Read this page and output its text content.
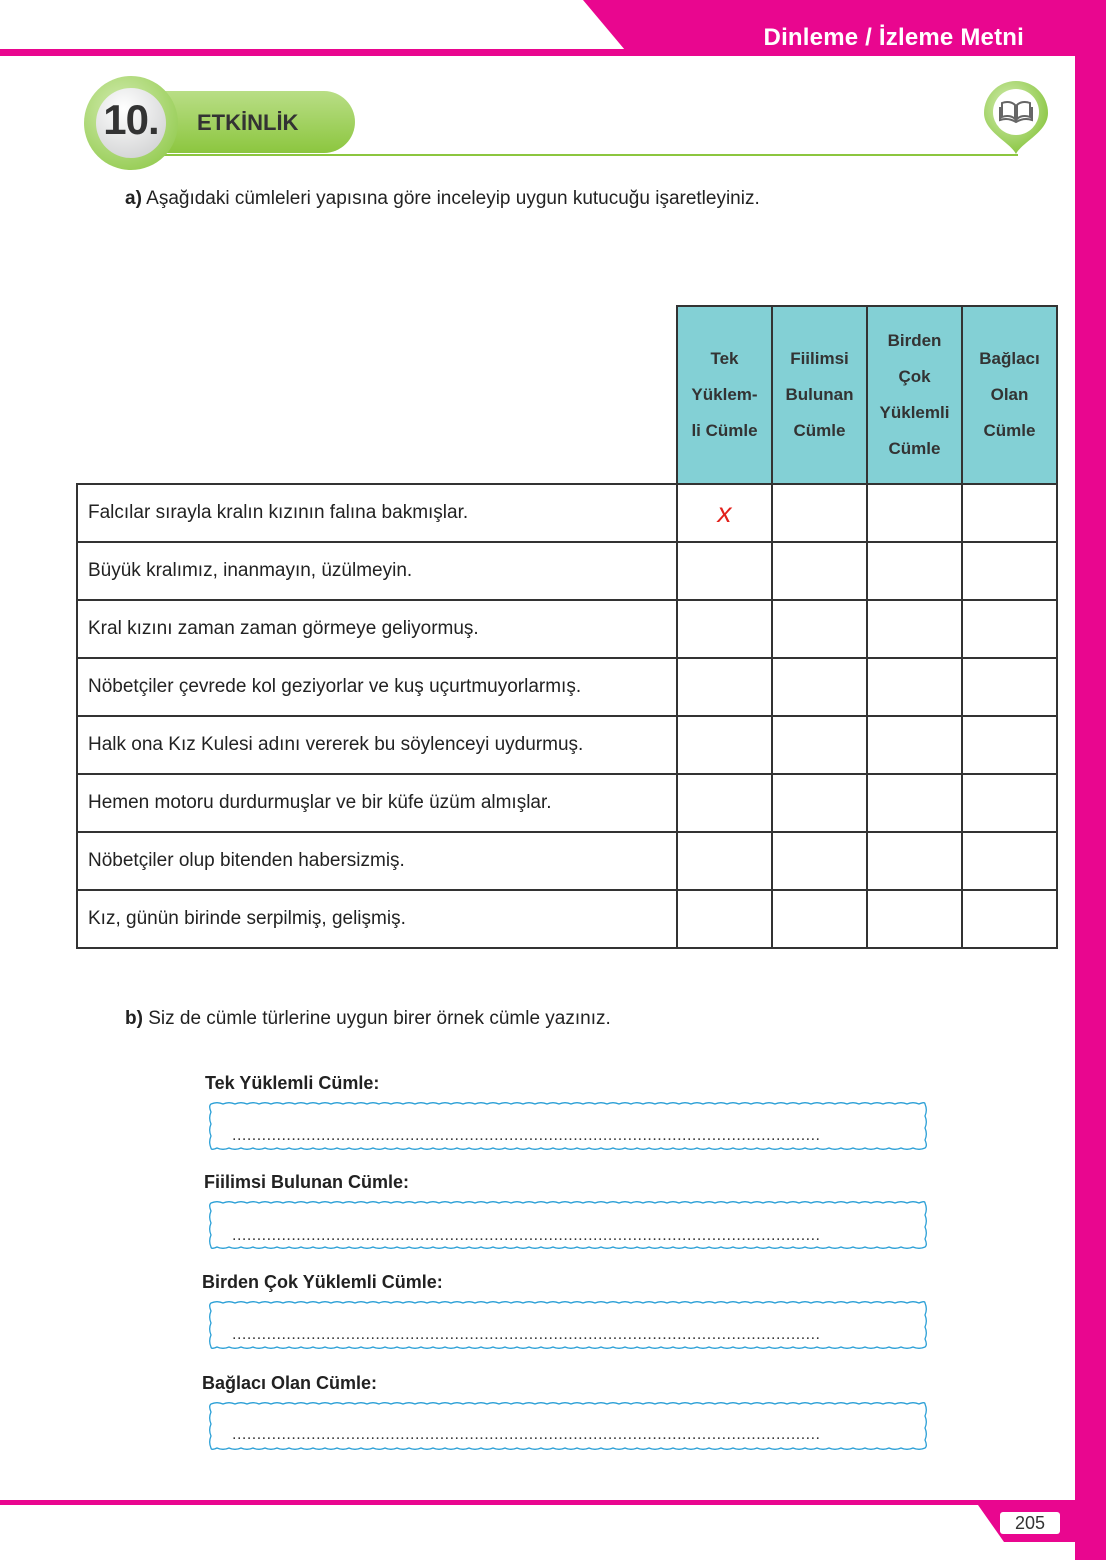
Dinleme / İzleme Metni
ETKİNLİK
10.
a) Aşağıdaki cümleleri yapısına göre inceleyip uygun kutucuğu işaretleyiniz.
	Tek
Yüklem-
li Cümle	Fiilimsi
Bulunan
Cümle	Birden
Çok
Yüklemli
Cümle	Bağlacı
Olan
Cümle
Falcılar sırayla kralın kızının falına bakmışlar.	x			
Büyük kralımız, inanmayın, üzülmeyin.				
Kral kızını zaman zaman görmeye geliyormuş.				
Nöbetçiler çevrede kol geziyorlar ve kuş uçurtmuyorlarmış.				
Halk ona Kız Kulesi adını vererek bu söylenceyi uydurmuş.				
Hemen motoru durdurmuşlar ve bir küfe üzüm almışlar.				
Nöbetçiler olup bitenden habersizmiş.				
Kız, günün birinde serpilmiş, gelişmiş.				
b) Siz de cümle türlerine uygun birer örnek cümle yazınız.
Tek Yüklemli Cümle:
.......................................................................................................................
Fiilimsi Bulunan Cümle:
.......................................................................................................................
Birden Çok Yüklemli Cümle:
.......................................................................................................................
Bağlacı Olan Cümle:
.......................................................................................................................
205
